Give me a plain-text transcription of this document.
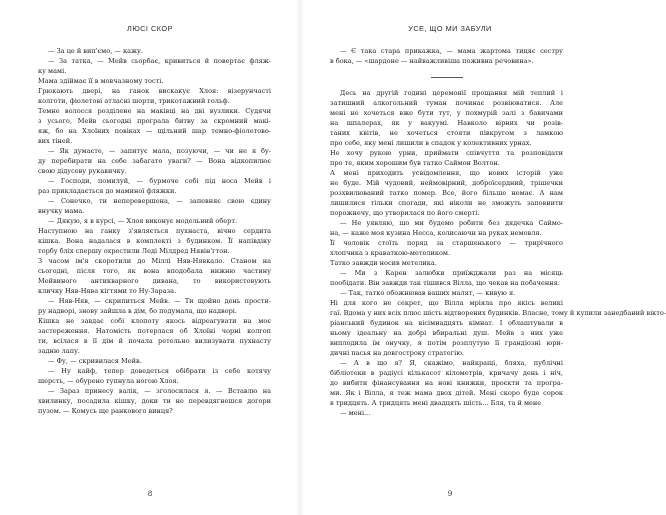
ЛЮСІ СКОР
— За це й вип'ємо, — кажу.
— За татка, — Мейв сьорбає, кривиться й повертає фляж-
ку мамі.
Мама здіймає її в мовчазному тості.
Грюкають двері, на ганок вискакує Хлоя: візерунчасті
колготи, фіолетові атласні шорти, трикотажний гольф.
Темне волосся розділене на маківці на дві вузлики. Судячи
з усього, Мейв сьогодні програла битву за скромний макі-
яж, бо на Хлоїних повіках — щільний шар темно-фіолетово-
вих тіней.
— Як думаєте, — запитує мала, позуючи, — чи не я бу-
ду перебирати на себе забагато уваги? — Вона відкопилює
свою дідусеву рукавичку.
— Господи, помилуй, — бурмоче собі під носа Мейв і
раз прикладається до маминої фляжки.
— Сонечко, ти неперевершена, — запевняє свою єдину
внучку мама.
— Дякую, я в курсі, — Хлоя виконує модельний оберт.
Наступною на ганку з'являється пухнаста, вічно сердита
кішка. Вона надалася в комплекті з будинком. Її напівдіку
торбу бліх спершу охрестили Леді Мілдред Нявін'гтон.
З часом ім'я скоротили до Міллі Няв-Нявкало. Станом на
сьогодні, після того, як вона вподобала нижню частину
Мейвиного антикварного дивана, то використовують
кличку Няв-Нява кігтями то Ну-Заразa.
— Няв-Няв, — скрипиться Мейв. — Ти щойно день прости-
ру надворі, знову зайшла в дім, бо подумала, що надворі.
Кішка не завдає собі клопоту якось відреагувати на моє
застереження. Натомість потерлася об Хлоїні чорні колгоп
ти, всілася в її дім й почала ретельно вилизувати пухнасту
задню лапу.
— Фу, — скривилася Мейв.
— Ну кайф, тепер доведеться обібрати із себе котячу
шерсть, — обурено тупнула ногою Хлоя.
— Зараз принесу валік, — зголосилася я. — Вставлю на
хвилинку, посадила кішку, доки ти не перевдягнешся догори
пузом. — Комусь ще ранкового винця?
8
УСЕ, ЩО МИ ЗАБУЛИ
— Є така стара прикажка, — мама жартома тицяє сестру
в бока, — «шардоне — найважливіша поживна речовина».
Десь на другій годині церемонії прощання мій теплий і
затишний алкогольний туман починає розвіюватися. Але
мені не хочеться вже бути тут, у похмурій залі з бавичами
на шпалерах, як у вакуумі. Навколо вірних чи розів-
таних квітів, не хочеться стояти півкругом з ламкою
про себе, яку мені лишили в спадок у колективних урнах.
Не хочу рукою урни, приймати співчуття та розповідати
про те, яким хорошим був татко Саймон Волтон.
А мені приходить усвідомлення, що нових історій уже
не буде. Мій чудовий, неймовірний, доброїсердний, трішечки
розхвилюваний татко помер. Все, його більше немає. А нам
лишилися тільки спогади, які ніколи не зможуть заповнити
порожнечу, що утворилася по його смерті.
— Не уявляю, що ми будемо робити без дядечка Саймо-
на, — каже моя кузина Несса, колисаючи на руках немовля.
Її чоловік стоїть поряд за старшенького — трирічного
хлопчика з краваткою-метеликом.
Татко завжди носив метелика.
— Ми з Карен залюбки приїжджали раз на місяць
пообідати. Він завжди так тішився Вілла, що чекав на побачення.
— Так, татко обожнював ваших малят, — кивую я.
Ні для кого не секрет, що Вілла мріяла про якісь великі
гаї. Вдома у них всіх плюс шість відтворених будинків. Власне, тому й купили занедбаний вікто-
ріанський будинок на віcімнадцять кімнат. І облаштували в
ньому ідеальну на добрі вбиральні душ. Мейв з них уже
виплодила їм онучку, я потім розплутую її грандіозні юри-
дичні пасья на довгостроку стратегію.
— А в що я? Я, скажімо, найкращі, бляха, публічні
бібліотеки в радіусі кількасот кілометрів, кричачу день і ніч,
до вибити фінансування на нові книжки, проєкти та програ-
ми. Як і Вілла, я теж мама двох дітей. Мені скоро буде сорок
в тридцять. А тридцять мені двадцять шість... Бля, та й мене
— мені...
9
